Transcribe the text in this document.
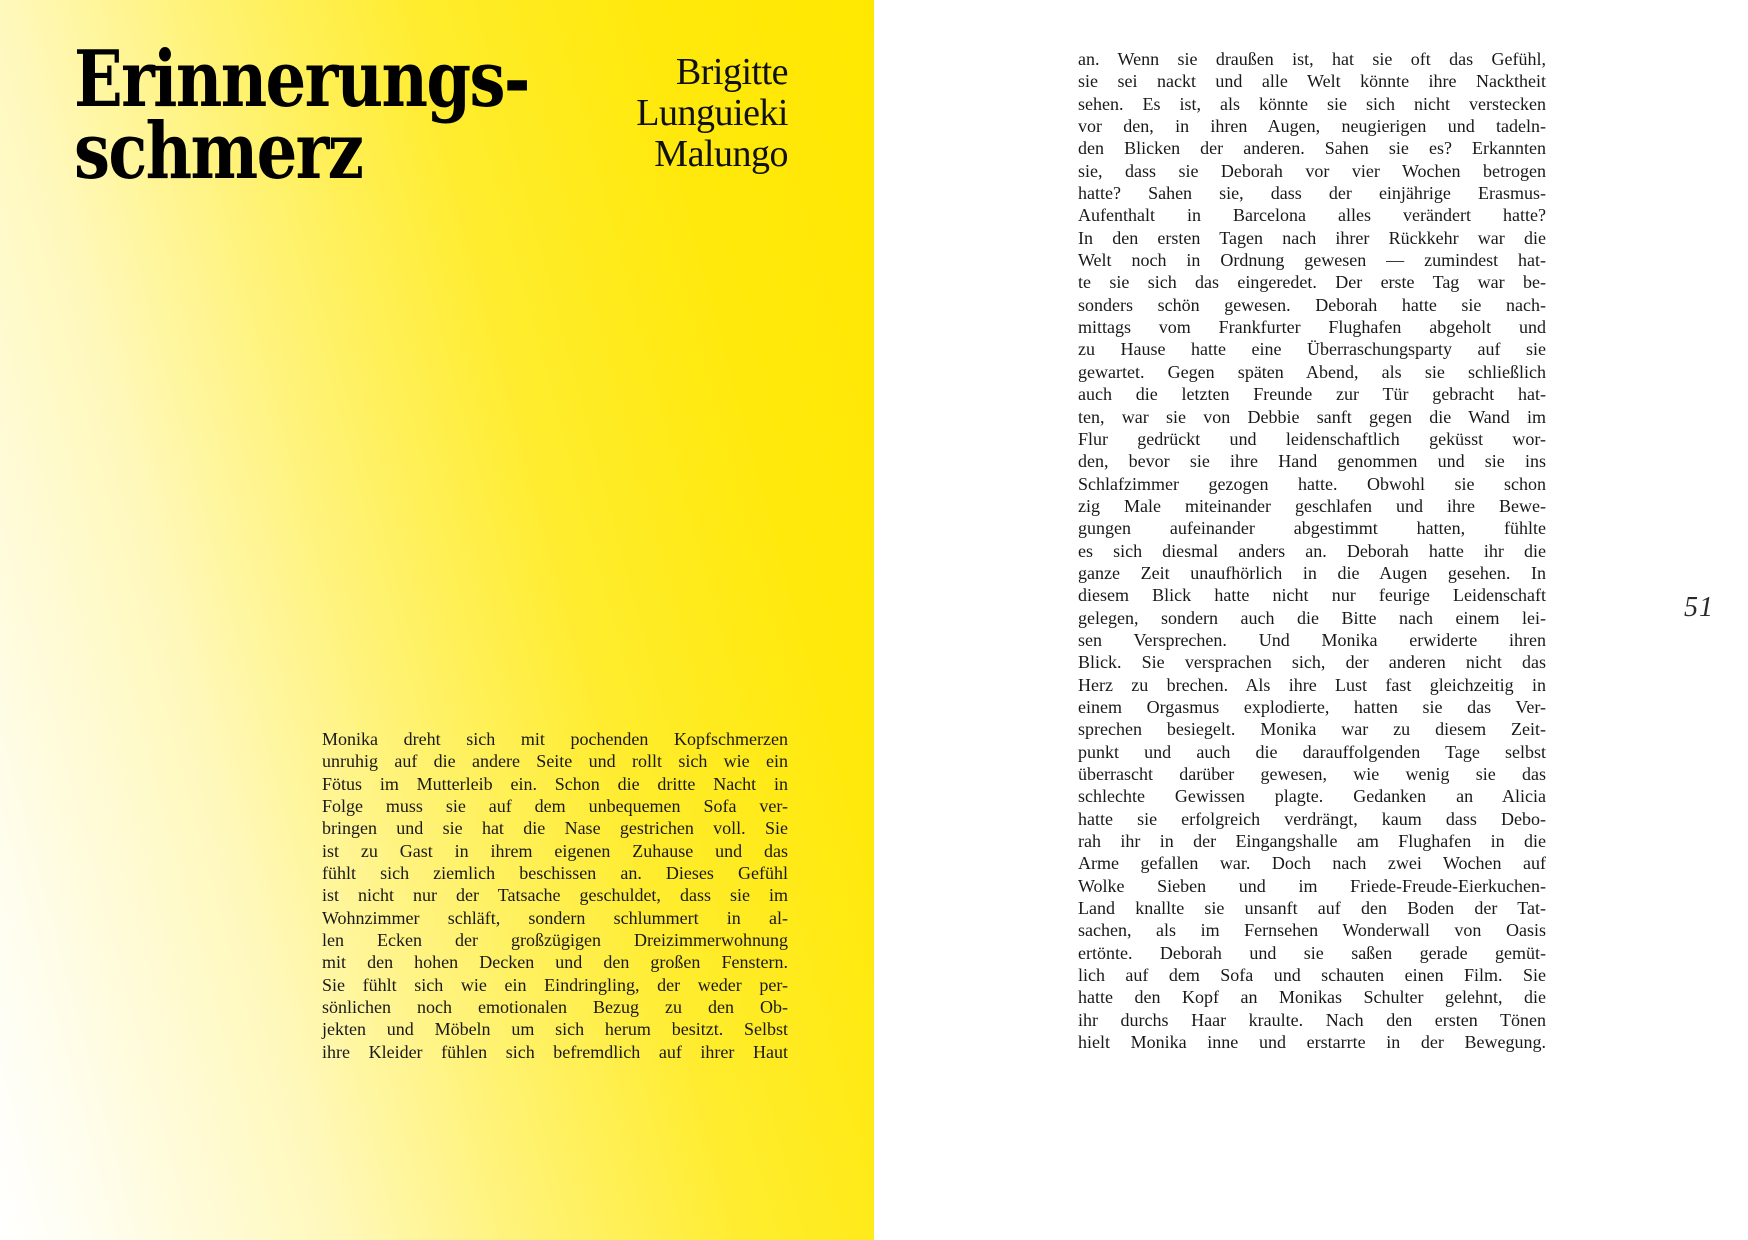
Erinnerungs-
schmerz
Brigitte
Lunguieki
Malungo
Monika dreht sich mit pochenden Kopfschmerzen
unruhig auf die andere Seite und rollt sich wie ein
Fötus im Mutterleib ein. Schon die dritte Nacht in
Folge muss sie auf dem unbequemen Sofa ver-
bringen und sie hat die Nase gestrichen voll. Sie
ist zu Gast in ihrem eigenen Zuhause und das
fühlt sich ziemlich beschissen an. Dieses Gefühl
ist nicht nur der Tatsache geschuldet, dass sie im
Wohnzimmer schläft, sondern schlummert in al-
len Ecken der großzügigen Dreizimmerwohnung
mit den hohen Decken und den großen Fenstern.
Sie fühlt sich wie ein Eindringling, der weder per-
sönlichen noch emotionalen Bezug zu den Ob-
jekten und Möbeln um sich herum besitzt. Selbst
ihre Kleider fühlen sich befremdlich auf ihrer Haut
an. Wenn sie draußen ist, hat sie oft das Gefühl,
sie sei nackt und alle Welt könnte ihre Nacktheit
sehen. Es ist, als könnte sie sich nicht verstecken
vor den, in ihren Augen, neugierigen und tadeln-
den Blicken der anderen. Sahen sie es? Erkannten
sie, dass sie Deborah vor vier Wochen betrogen
hatte? Sahen sie, dass der einjährige Erasmus-
Aufenthalt in Barcelona alles verändert hatte?
In den ersten Tagen nach ihrer Rückkehr war die
Welt noch in Ordnung gewesen — zumindest hat-
te sie sich das eingeredet. Der erste Tag war be-
sonders schön gewesen. Deborah hatte sie nach-
mittags vom Frankfurter Flughafen abgeholt und
zu Hause hatte eine Überraschungsparty auf sie
gewartet. Gegen späten Abend, als sie schließlich
auch die letzten Freunde zur Tür gebracht hat-
ten, war sie von Debbie sanft gegen die Wand im
Flur gedrückt und leidenschaftlich geküsst wor-
den, bevor sie ihre Hand genommen und sie ins
Schlafzimmer gezogen hatte. Obwohl sie schon
zig Male miteinander geschlafen und ihre Bewe-
gungen aufeinander abgestimmt hatten, fühlte
es sich diesmal anders an. Deborah hatte ihr die
ganze Zeit unaufhörlich in die Augen gesehen. In
diesem Blick hatte nicht nur feurige Leidenschaft
gelegen, sondern auch die Bitte nach einem lei-
sen Versprechen. Und Monika erwiderte ihren
Blick. Sie versprachen sich, der anderen nicht das
Herz zu brechen. Als ihre Lust fast gleichzeitig in
einem Orgasmus explodierte, hatten sie das Ver-
sprechen besiegelt. Monika war zu diesem Zeit-
punkt und auch die darauffolgenden Tage selbst
überrascht darüber gewesen, wie wenig sie das
schlechte Gewissen plagte. Gedanken an Alicia
hatte sie erfolgreich verdrängt, kaum dass Debo-
rah ihr in der Eingangshalle am Flughafen in die
Arme gefallen war. Doch nach zwei Wochen auf
Wolke Sieben und im Friede-Freude-Eierkuchen-
Land knallte sie unsanft auf den Boden der Tat-
sachen, als im Fernsehen Wonderwall von Oasis
ertönte. Deborah und sie saßen gerade gemüt-
lich auf dem Sofa und schauten einen Film. Sie
hatte den Kopf an Monikas Schulter gelehnt, die
ihr durchs Haar kraulte. Nach den ersten Tönen
hielt Monika inne und erstarrte in der Bewegung.
51
